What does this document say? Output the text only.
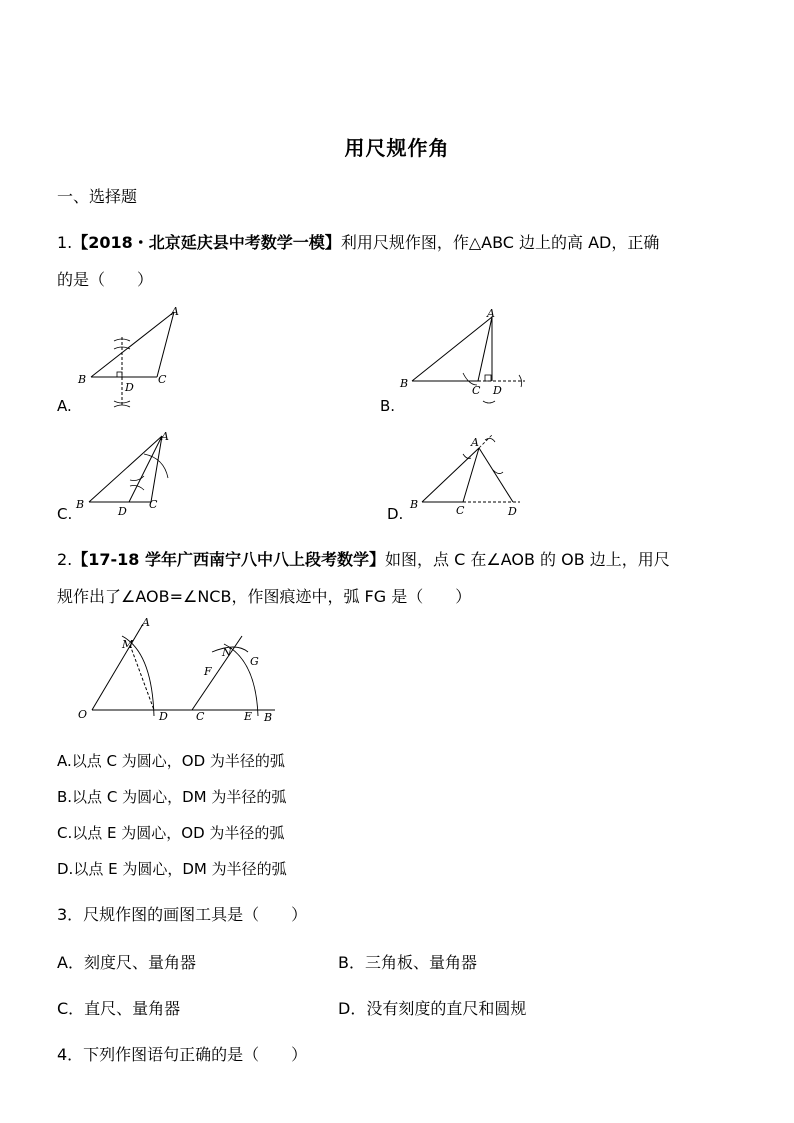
用尺规作角
一、选择题
1.【2018・北京延庆县中考数学一模】利用尺规作图，作△ABC 边上的高 AD，正确
的是（　　）
A
B	C
D
A.
A
B
C D
B.
A
B
D
C
C.
A
B	C	D
D.
2.【17-18 学年广西南宁八中八上段考数学】如图，点 C 在∠AOB 的 OB 边上，用尺
规作出了∠AOB=∠NCB，作图痕迹中，弧 FG 是（　　）
A
M
O	D
N
G
F
C	E B
A.以点 C 为圆心，OD 为半径的弧
B.以点 C 为圆心，DM 为半径的弧
C.以点 E 为圆心，OD 为半径的弧
D.以点 E 为圆心，DM 为半径的弧
3．尺规作图的画图工具是（　　）
A．刻度尺、量角器	B．三角板、量角器
C．直尺、量角器	D．没有刻度的直尺和圆规
4．下列作图语句正确的是（　　）
